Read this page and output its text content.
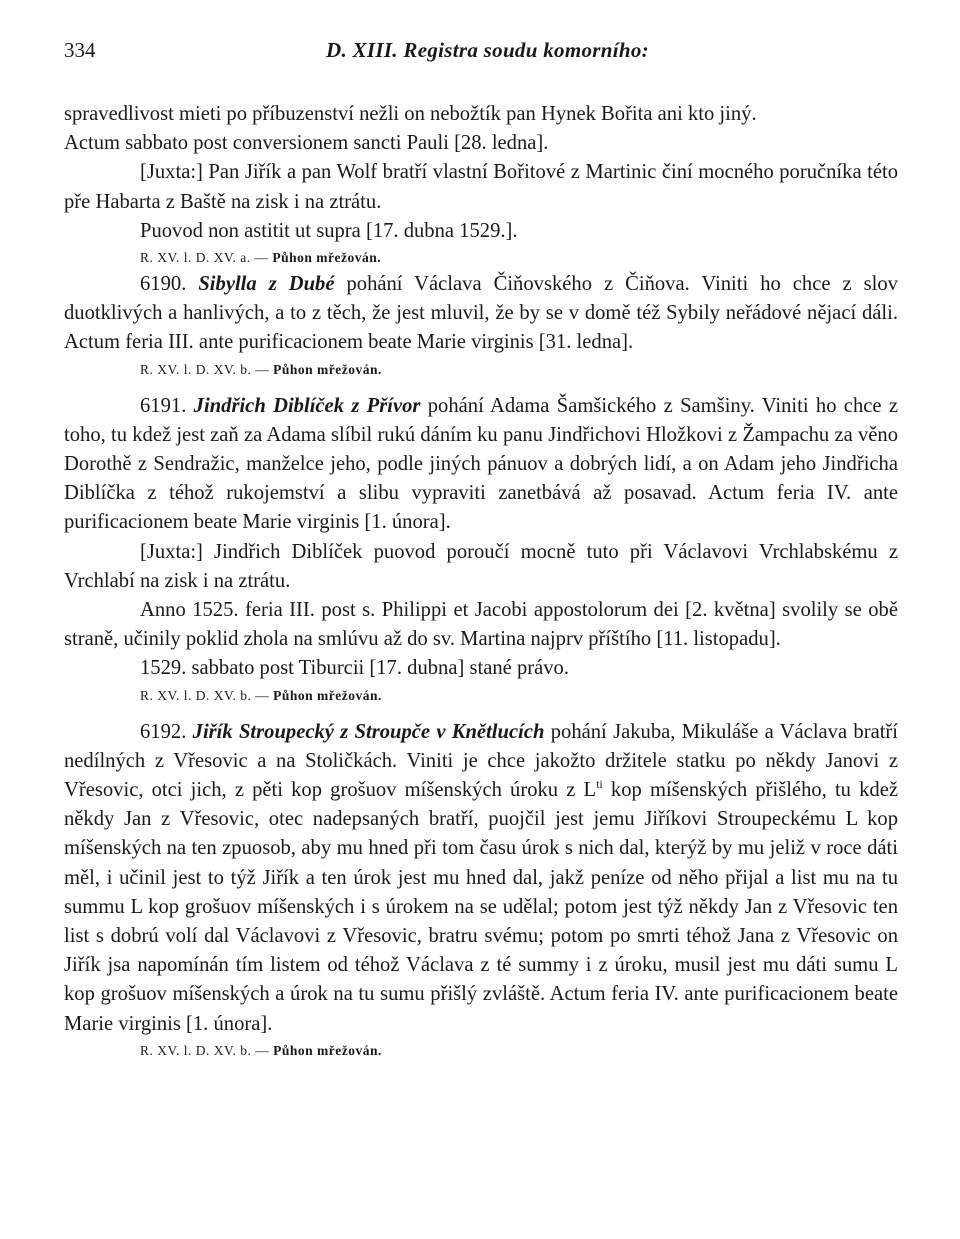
334	D. XIII. Registra soudu komorního:

spravedlivost mieti po příbuzenství nežli on nebožtík pan Hynek Bořita ani kto jiný.

Actum sabbato post conversionem sancti Pauli [28. ledna].

[Juxta:] Pan Jiřík a pan Wolf bratří vlastní Bořitové z Martinic činí mocného poručníka této pře Habarta z Baště na zisk i na ztrátu.

Puovod non astitit ut supra [17. dubna 1529.].

R. XV. l. D. XV. a. — Půhon mřežován.

6190. Sibylla z Dubé pohání Václava Čiňovského z Čiňova. Viniti ho chce z slov duotklivých a hanlivých, a to z těch, že jest mluvil, že by se v domě též Sybily neřádové nějací dáli. Actum feria III. ante purificacionem beate Marie virginis [31. ledna].

R. XV. l. D. XV. b. — Půhon mřežován.

6191. Jindřich Diblíček z Přívor pohání Adama Šamšického z Samšiny. Viniti ho chce z toho, tu kdež jest zaň za Adama slíbil rukú dáním ku panu Jindřichovi Hložkovi z Žampachu za věno Dorothě z Sendražic, manželce jeho, podle jiných pánuov a dobrých lidí, a on Adam jeho Jindřicha Diblíčka z téhož rukojemství a slibu vypraviti zanetbává až posavad. Actum feria IV. ante purificacionem beate Marie virginis [1. února].

[Juxta:] Jindřich Diblíček puovod poroučí mocně tuto při Václavovi Vrchlabskému z Vrchlabí na zisk i na ztrátu.

Anno 1525. feria III. post s. Philippi et Jacobi appostolorum dei [2. května] svolily se obě straně, učinily poklid zhola na smlúvu až do sv. Martina najprv příštího [11. listopadu].

1529. sabbato post Tiburcii [17. dubna] stané právo.

R. XV. l. D. XV. b. — Půhon mřežován.

6192. Jiřík Stroupecký z Stroupče v Knětlucích pohání Jakuba, Mikuláše a Václava bratří nedílných z Vřesovic a na Stoličkách. Viniti je chce jakožto držitele statku po někdy Janovi z Vřesovic, otci jich, z pěti kop grošuov míšenských úroku z $L^{ti}$ kop míšenských přišlého, tu kdež někdy Jan z Vřesovic, otec nadepsaných bratří, puojčil jest jemu Jiříkovi Stroupeckému L kop míšenských na ten zpuosob, aby mu hned při tom času úrok s nich dal, kterýž by mu jeliž v roce dáti měl, i učinil jest to týž Jiřík a ten úrok jest mu hned dal, jakž peníze od něho přijal a list mu na tu summu L kop grošuov míšenských i s úrokem na se udělal; potom jest týž někdy Jan z Vřesovic ten list s dobrú volí dal Václavovi z Vřesovic, bratru svému; potom po smrti téhož Jana z Vřesovic on Jiřík jsa napomínán tím listem od téhož Václava z té summy i z úroku, musil jest mu dáti sumu L kop grošuov míšenských a úrok na tu sumu přišlý zvláště. Actum feria IV. ante purificacionem beate Marie virginis [1. února].

R. XV. l. D. XV. b. — Půhon mřežován.
